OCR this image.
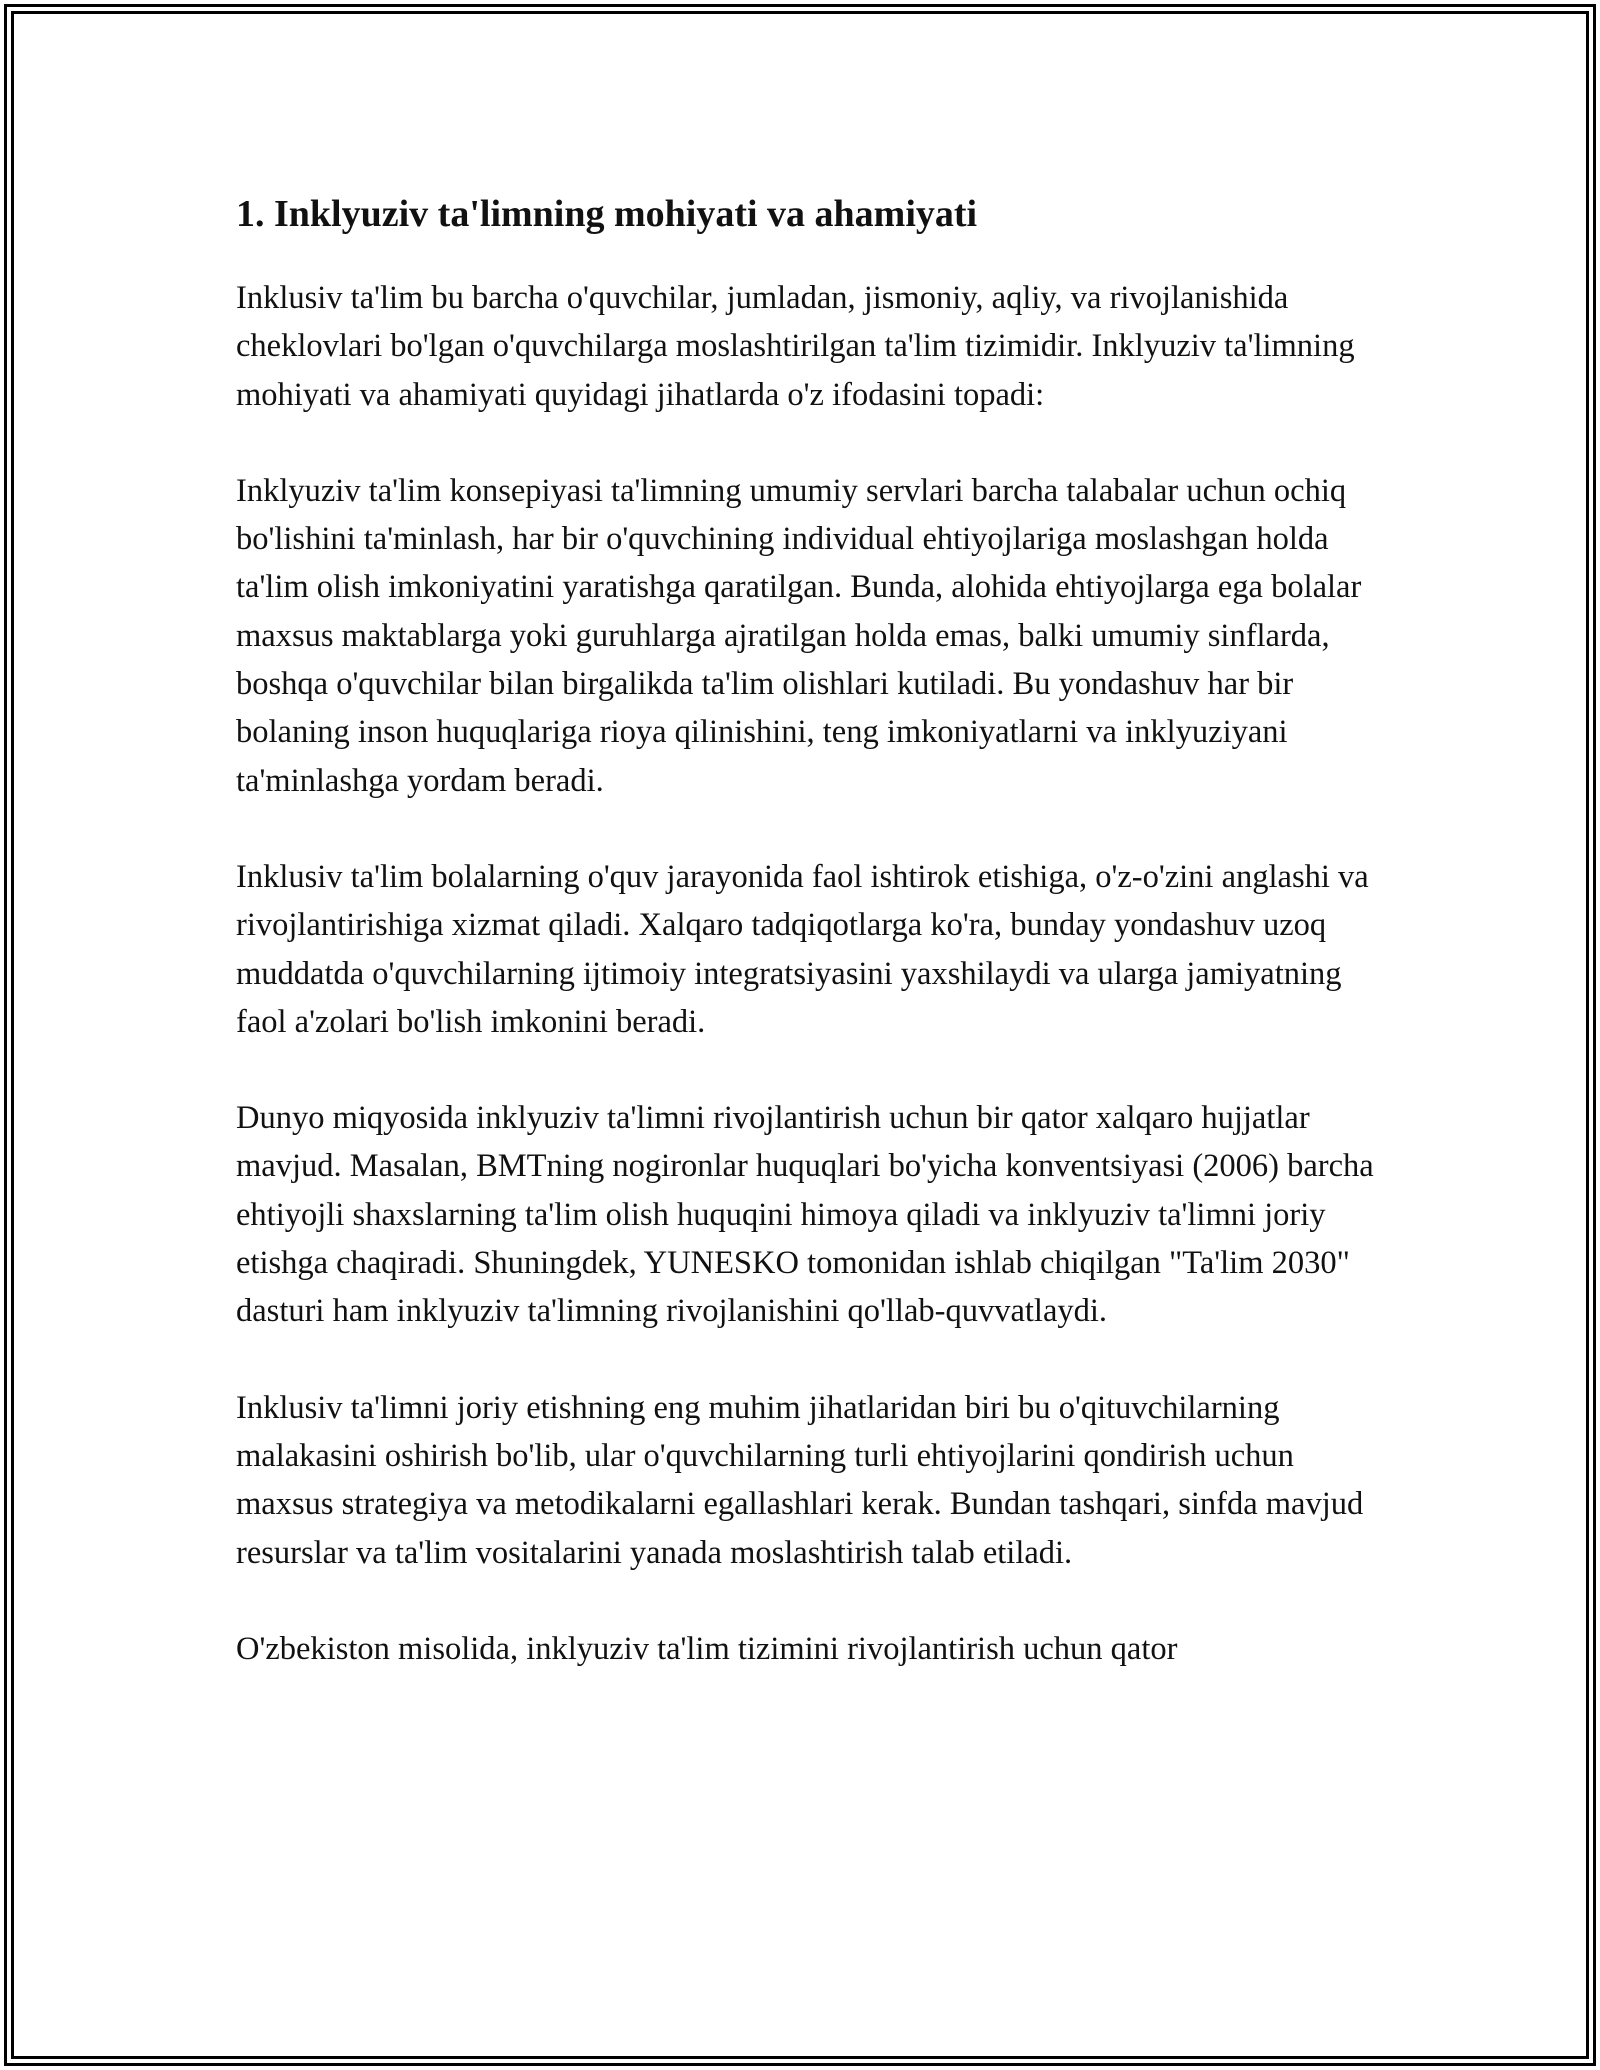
1. Inklyuziv ta'limning mohiyati va ahamiyati

Inklusiv ta'lim bu barcha o'quvchilar, jumladan, jismoniy, aqliy, va rivojlanishida cheklovlari bo'lgan o'quvchilarga moslashtirilgan ta'lim tizimidir. Inklyuziv ta'limning mohiyati va ahamiyati quyidagi jihatlarda o'z ifodasini topadi:

Inklyuziv ta'lim konsepiyasi ta'limning umumiy servlari barcha talabalar uchun ochiq bo'lishini ta'minlash, har bir o'quvchining individual ehtiyojlariga moslashgan holda ta'lim olish imkoniyatini yaratishga qaratilgan. Bunda, alohida ehtiyojlarga ega bolalar maxsus maktablarga yoki guruhlarga ajratilgan holda emas, balki umumiy sinflarda, boshqa o'quvchilar bilan birgalikda ta'lim olishlari kutiladi. Bu yondashuv har bir bolaning inson huquqlariga rioya qilinishini, teng imkoniyatlarni va inklyuziyani ta'minlashga yordam beradi.

Inklusiv ta'lim bolalarning o'quv jarayonida faol ishtirok etishiga, o'z-o'zini anglashi va rivojlantirishiga xizmat qiladi. Xalqaro tadqiqotlarga ko'ra, bunday yondashuv uzoq muddatda o'quvchilarning ijtimoiy integratsiyasini yaxshilaydi va ularga jamiyatning faol a'zolari bo'lish imkonini beradi.

Dunyo miqyosida inklyuziv ta'limni rivojlantirish uchun bir qator xalqaro hujjatlar mavjud. Masalan, BMTning nogironlar huquqlari bo'yicha konventsiyasi (2006) barcha ehtiyojli shaxslarning ta'lim olish huquqini himoya qiladi va inklyuziv ta'limni joriy etishga chaqiradi. Shuningdek, YUNESKO tomonidan ishlab chiqilgan "Ta'lim 2030" dasturi ham inklyuziv ta'limning rivojlanishini qo'llab-quvvatlaydi.

Inklusiv ta'limni joriy etishning eng muhim jihatlaridan biri bu o'qituvchilarning malakasini oshirish bo'lib, ular o'quvchilarning turli ehtiyojlarini qondirish uchun maxsus strategiya va metodikalarni egallashlari kerak. Bundan tashqari, sinfda mavjud resurslar va ta'lim vositalarini yanada moslashtirish talab etiladi.

O'zbekiston misolida, inklyuziv ta'lim tizimini rivojlantirish uchun qator
